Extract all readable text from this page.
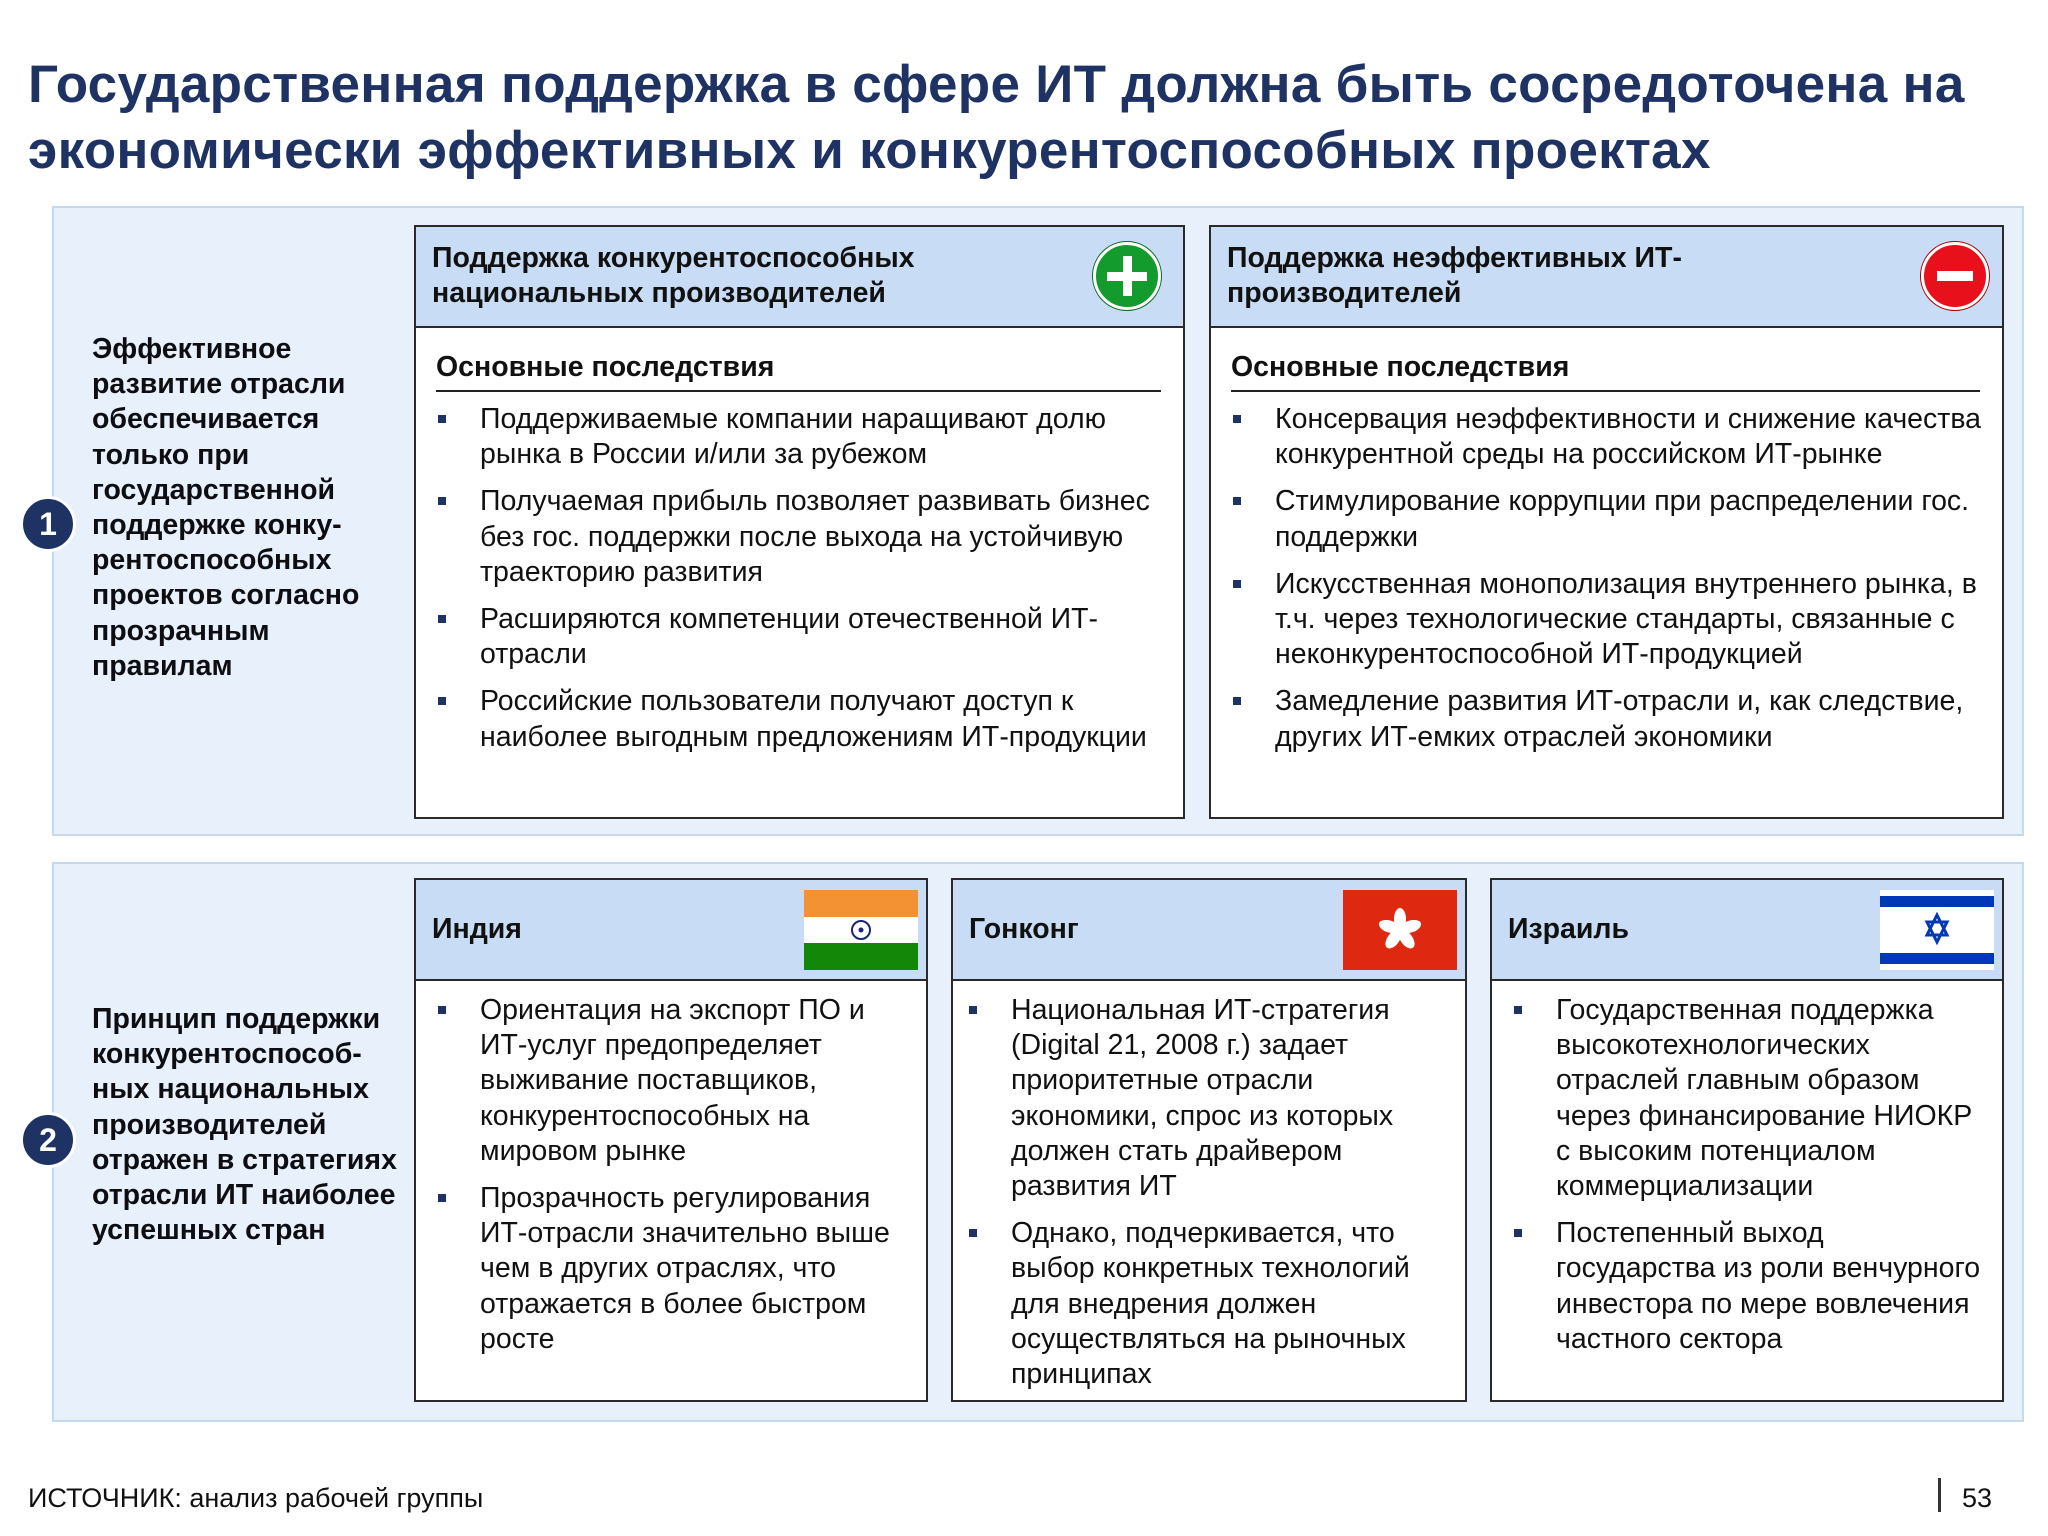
Государственная поддержка в сфере ИТ должна быть сосредоточена на экономически эффективных и конкурентоспособных проектах
1
Эффективное развитие отрасли обеспечивается только при государственной поддержке конку-рентоспособных проектов согласно прозрачным правилам
Поддержка конкурентоспособных национальных производителей
Основные последствия
Поддерживаемые компании наращивают долю рынка в России и/или за рубежом
Получаемая прибыль позволяет развивать бизнес без гос. поддержки после выхода на устойчивую траекторию развития
Расширяются компетенции отечественной ИТ-отрасли
Российские пользователи получают доступ к наиболее выгодным предложениям ИТ-продукции
Поддержка неэффективных ИТ- производителей
Основные последствия
Консервация неэффективности и снижение качества конкурентной среды на российском ИТ-рынке
Стимулирование коррупции при распределении гос. поддержки
Искусственная монополизация внутреннего рынка, в т.ч. через технологические стандарты, связанные с неконкурентоспособной ИТ-продукцией
Замедление развития ИТ-отрасли и, как следствие, других ИТ-емких отраслей экономики
2
Принцип поддержки конкурентоспособ-ных национальных производителей отражен в стратегиях отрасли ИТ наиболее успешных стран
Индия
Ориентация на экспорт ПО и ИТ-услуг предопределяет выживание поставщиков, конкурентоспособных на мировом рынке
Прозрачность регулирования ИТ-отрасли значительно выше чем в других отраслях, что отражается в более быстром росте
Гонконг
Национальная ИТ-стратегия (Digital 21, 2008 г.) задает приоритетные отрасли экономики, спрос из которых должен стать драйвером развития ИТ
Однако, подчеркивается, что выбор конкретных технологий для внедрения должен осуществляться на рыночных принципах
Израиль
Государственная поддержка высокотехнологических отраслей главным образом через финансирование НИОКР с высоким потенциалом коммерциализации
Постепенный выход государства из роли венчурного инвестора по мере вовлечения частного сектора
ИСТОЧНИК: анализ рабочей группы	53
